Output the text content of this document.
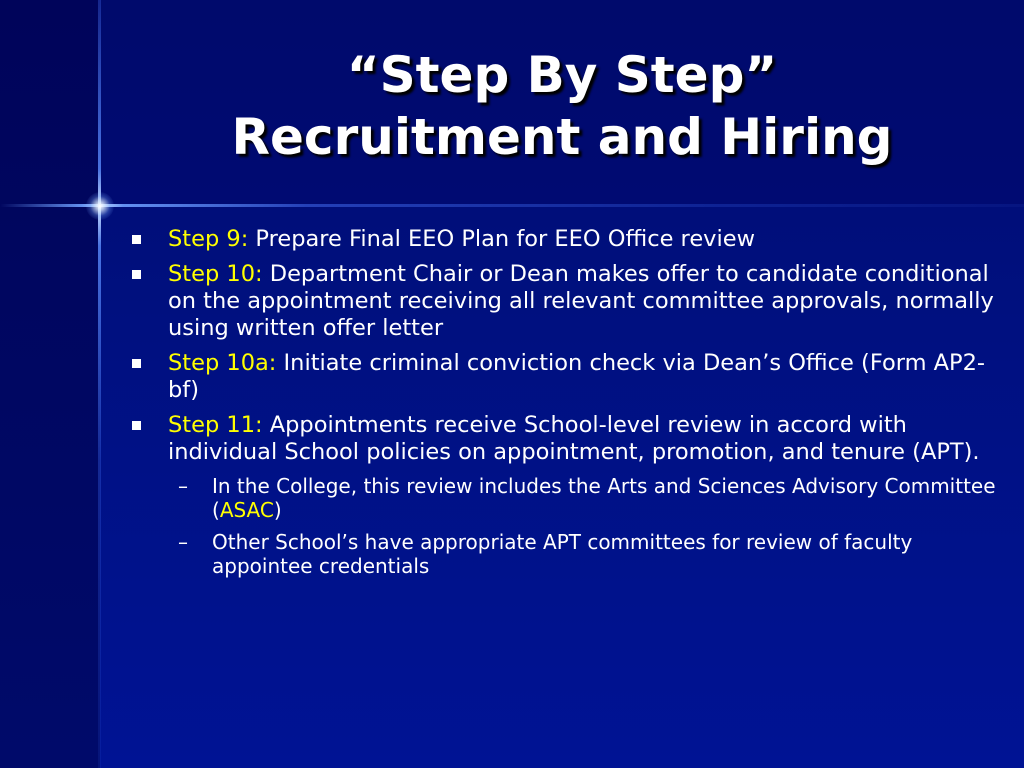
“Step By Step”
Recruitment and Hiring
Step 9: Prepare Final EEO Plan for EEO Office review
Step 10: Department Chair or Dean makes offer to candidate conditional on the appointment receiving all relevant committee approvals, normally using written offer letter
Step 10a: Initiate criminal conviction check via Dean’s Office (Form AP2-bf)
Step 11: Appointments receive School-level review in accord with individual School policies on appointment, promotion, and tenure (APT).
– In the College, this review includes the Arts and Sciences Advisory Committee (ASAC)
– Other School’s have appropriate APT committees for review of faculty appointee credentials
